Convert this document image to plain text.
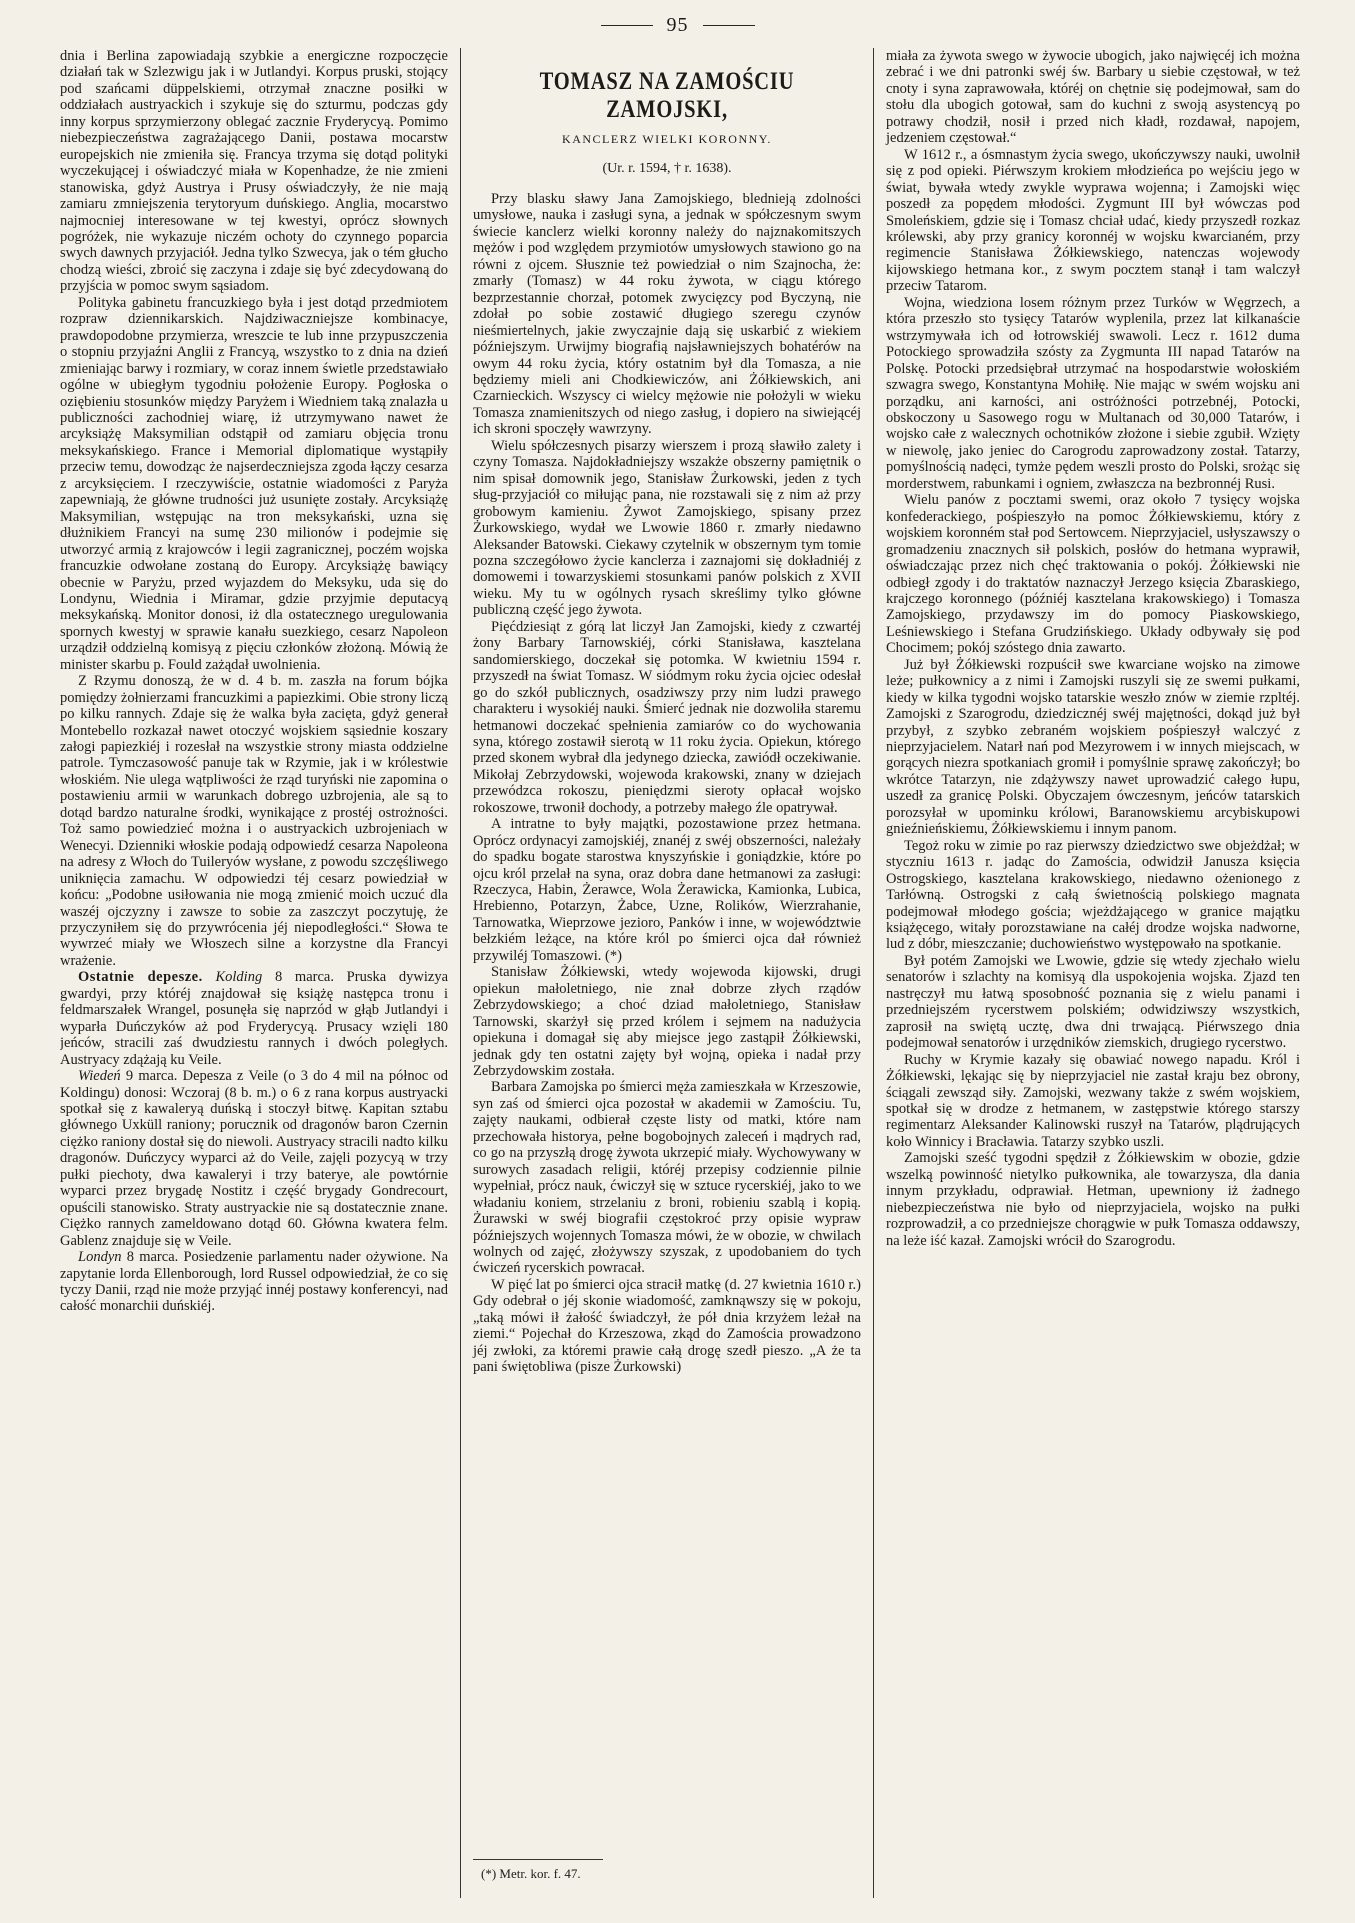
95

dnia i Berlina zapowiadają szybkie a energiczne rozpoczęcie działań tak w Szlezwigu jak i w Jutlandyi. Korpus pruski, stojący pod szańcami düppelskiemi, otrzymał znaczne posiłki w oddziałach austryackich i szykuje się do szturmu, podczas gdy inny korpus sprzymierzony oblegać zacznie Fryderycyą. Pomimo niebezpieczeństwa zagrażającego Danii, postawa mocarstw europejskich nie zmieniła się. Francya trzyma się dotąd polityki wyczekującej i oświadczyć miała w Kopenhadze, że nie zmieni stanowiska, gdyż Austrya i Prusy oświadczyły, że nie mają zamiaru zmniejszenia terytoryum duńskiego. Anglia, mocarstwo najmocniej interesowane w tej kwestyi, oprócz słownych pogróżek, nie wykazuje niczém ochoty do czynnego poparcia swych dawnych przyjaciół. Jedna tylko Szwecya, jak o tém głucho chodzą wieści, zbroić się zaczyna i zdaje się być zdecydowaną do przyjścia w pomoc swym sąsiadom.

Polityka gabinetu francuzkiego była i jest dotąd przedmiotem rozpraw dziennikarskich. Najdziwaczniejsze kombinacye, prawdopodobne przymierza, wreszcie te lub inne przypuszczenia o stopniu przyjaźni Anglii z Francyą, wszystko to z dnia na dzień zmieniając barwy i rozmiary, w coraz innem świetle przedstawiało ogólne w ubiegłym tygodniu położenie Europy. Pogłoska o oziębieniu stosunków między Paryżem i Wiedniem taką znalazła u publiczności zachodniej wiarę, iż utrzymywano nawet że arcyksiążę Maksymilian odstąpił od zamiaru objęcia tronu meksykańskiego. France i Memorial diplomatique wystąpiły przeciw temu, dowodząc że najserdeczniejsza zgoda łączy cesarza z arcyksięciem. I rzeczywiście, ostatnie wiadomości z Paryża zapewniają, że główne trudności już usunięte zostały. Arcyksiążę Maksymilian, wstępując na tron meksykański, uzna się dłużnikiem Francyi na sumę 230 milionów i podejmie się utworzyć armią z krajowców i legii zagranicznej, poczém wojska francuzkie odwołane zostaną do Europy. Arcyksiążę bawiący obecnie w Paryżu, przed wyjazdem do Meksyku, uda się do Londynu, Wiednia i Miramar, gdzie przyjmie deputacyą meksykańską. Monitor donosi, iż dla ostatecznego uregulowania spornych kwestyj w sprawie kanału suezkiego, cesarz Napoleon urządził oddzielną komisyą z pięciu członków złożoną. Mówią że minister skarbu p. Fould zażądał uwolnienia.

Z Rzymu donoszą, że w d. 4 b. m. zaszła na forum bójka pomiędzy żołnierzami francuzkimi a papiezkimi. Obie strony liczą po kilku rannych. Zdaje się że walka była zacięta, gdyż generał Montebello rozkazał nawet otoczyć wojskiem sąsiednie koszary załogi papiezkiéj i rozesłał na wszystkie strony miasta oddzielne patrole. Tymczasowość panuje tak w Rzymie, jak i w królestwie włoskiém. Nie ulega wątpliwości że rząd turyński nie zapomina o postawieniu armii w warunkach dobrego uzbrojenia, ale są to dotąd bardzo naturalne środki, wynikające z prostéj ostrożności. Toż samo powiedzieć można i o austryackich uzbrojeniach w Wenecyi. Dzienniki włoskie podają odpowiedź cesarza Napoleona na adresy z Włoch do Tuileryów wysłane, z powodu szczęśliwego uniknięcia zamachu. W odpowiedzi téj cesarz powiedział w końcu: „Podobne usiłowania nie mogą zmienić moich uczuć dla waszéj ojczyzny i zawsze to sobie za zaszczyt poczytuję, że przyczyniłem się do przywrócenia jéj niepodległości.“ Słowa te wywrzeć miały we Włoszech silne a korzystne dla Francyi wrażenie.

Ostatnie depesze. Kolding 8 marca. Pruska dywizya gwardyi, przy któréj znajdował się książę następca tronu i feldmarszałek Wrangel, posunęła się naprzód w głąb Jutlandyi i wyparła Duńczyków aż pod Fryderycyą. Prusacy wzięli 180 jeńców, stracili zaś dwudziestu rannych i dwóch poległych. Austryacy zdążają ku Veile.

Wiedeń 9 marca. Depesza z Veile (o 3 do 4 mil na północ od Koldingu) donosi: Wczoraj (8 b. m.) o 6 z rana korpus austryacki spotkał się z kawaleryą duńską i stoczył bitwę. Kapitan sztabu głównego Uxküll raniony; porucznik od dragonów baron Czernin ciężko raniony dostał się do niewoli. Austryacy stracili nadto kilku dragonów. Duńczycy wyparci aż do Veile, zajęli pozycyą w trzy pułki piechoty, dwa kawaleryi i trzy baterye, ale powtórnie wyparci przez brygadę Nostitz i część brygady Gondrecourt, opuścili stanowisko. Straty austryackie nie są dostatecznie znane. Ciężko rannych zameldowano dotąd 60. Główna kwatera felm. Gablenz znajduje się w Veile.

Londyn 8 marca. Posiedzenie parlamentu nader ożywione. Na zapytanie lorda Ellenborough, lord Russel odpowiedział, że co się tyczy Danii, rząd nie może przyjąć innéj postawy konferencyi, nad całość monarchii duńskiéj.

TOMASZ NA ZAMOŚCIU ZAMOJSKI,
KANCLERZ WIELKI KORONNY.
(Ur. r. 1594, † r. 1638).

Przy blasku sławy Jana Zamojskiego, blednieją zdolności umysłowe, nauka i zasługi syna, a jednak w spółczesnym swym świecie kanclerz wielki koronny należy do najznakomitszych mężów i pod względem przymiotów umysłowych stawiono go na równi z ojcem. Słusznie też powiedział o nim Szajnocha, że: zmarły (Tomasz) w 44 roku żywota, w ciągu którego bezprzestannie chorzał, potomek zwycięzcy pod Byczyną, nie zdołał po sobie zostawić długiego szeregu czynów nieśmiertelnych, jakie zwyczajnie dają się uskarbić z wiekiem późniejszym. Urwijmy biografią najsławniejszych bohatérów na owym 44 roku życia, który ostatnim był dla Tomasza, a nie będziemy mieli ani Chodkiewiczów, ani Żółkiewskich, ani Czarnieckich. Wszyscy ci wielcy mężowie nie położyli w wieku Tomasza znamienitszych od niego zasług, i dopiero na siwiejącéj ich skroni spoczęły wawrzyny.

Wielu spółczesnych pisarzy wierszem i prozą sławiło zalety i czyny Tomasza. Najdokładniejszy wszakże obszerny pamiętnik o nim spisał domownik jego, Stanisław Żurkowski, jeden z tych sług-przyjaciół co miłując pana, nie rozstawali się z nim aż przy grobowym kamieniu. Żywot Zamojskiego, spisany przez Żurkowskiego, wydał we Lwowie 1860 r. zmarły niedawno Aleksander Batowski. Ciekawy czytelnik w obszernym tym tomie pozna szczegółowo życie kanclerza i zaznajomi się dokładniéj z domowemi i towarzyskiemi stosunkami panów polskich z XVII wieku. My tu w ogólnych rysach skreślimy tylko główne publiczną część jego żywota.

Pięćdziesiąt z górą lat liczył Jan Zamojski, kiedy z czwartéj żony Barbary Tarnowskiéj, córki Stanisława, kasztelana sandomierskiego, doczekał się potomka. W kwietniu 1594 r. przyszedł na świat Tomasz. W siódmym roku życia ojciec odesłał go do szkół publicznych, osadziwszy przy nim ludzi prawego charakteru i wysokiéj nauki. Śmierć jednak nie dozwoliła staremu hetmanowi doczekać spełnienia zamiarów co do wychowania syna, którego zostawił sierotą w 11 roku życia. Opiekun, którego przed skonem wybrał dla jedynego dziecka, zawiódł oczekiwanie. Mikołaj Zebrzydowski, wojewoda krakowski, znany w dziejach przewódzca rokoszu, pieniędzmi sieroty opłacał wojsko rokoszowe, trwonił dochody, a potrzeby małego źle opatrywał.

A intratne to były majątki, pozostawione przez hetmana. Oprócz ordynacyi zamojskiéj, znanéj z swéj obszerności, należały do spadku bogate starostwa knyszyńskie i goniądzkie, które po ojcu król przelał na syna, oraz dobra dane hetmanowi za zasługi: Rzeczyca, Habin, Żerawce, Wola Żerawicka, Kamionka, Lubica, Hrebienno, Potarzyn, Żabce, Uzne, Rolików, Wierzrahanie, Tarnowatka, Wieprzowe jezioro, Panków i inne, w województwie bełzkiém leżące, na które król po śmierci ojca dał również przywiléj Tomaszowi. (*)

Stanisław Żółkiewski, wtedy wojewoda kijowski, drugi opiekun małoletniego, nie znał dobrze złych rządów Zebrzydowskiego; a choć dziad małoletniego, Stanisław Tarnowski, skarżył się przed królem i sejmem na nadużycia opiekuna i domagał się aby miejsce jego zastąpił Żółkiewski, jednak gdy ten ostatni zajęty był wojną, opieka i nadał przy Zebrzydowskim została.

Barbara Zamojska po śmierci męża zamieszkała w Krzeszowie, syn zaś od śmierci ojca pozostał w akademii w Zamościu. Tu, zajęty naukami, odbierał częste listy od matki, które nam przechowała historya, pełne bogobojnych zaleceń i mądrych rad, co go na przyszłą drogę żywota ukrzepić miały. Wychowywany w surowych zasadach religii, któréj przepisy codziennie pilnie wypełniał, prócz nauk, ćwiczył się w sztuce rycerskiéj, jako to we władaniu koniem, strzelaniu z broni, robieniu szablą i kopią. Żurawski w swéj biografii częstokroć przy opisie wypraw późniejszych wojennych Tomasza mówi, że w obozie, w chwilach wolnych od zajęć, złożywszy szyszak, z upodobaniem do tych ćwiczeń rycerskich powracał.

W pięć lat po śmierci ojca stracił matkę (d. 27 kwietnia 1610 r.) Gdy odebrał o jéj skonie wiadomość, zamknąwszy się w pokoju, „taką mówi ił żałość świadczył, że pół dnia krzyżem leżał na ziemi.“ Pojechał do Krzeszowa, zkąd do Zamościa prowadzono jéj zwłoki, za któremi prawie całą drogę szedł pieszo. „A że ta pani świętobliwa (pisze Żurkowski)

(*) Metr. kor. f. 47.

miała za żywota swego w żywocie ubogich, jako najwięcéj ich można zebrać i we dni patronki swéj św. Barbary u siebie częstował, w też cnoty i syna zaprawowała, któréj on chętnie się podejmował, sam do stołu dla ubogich gotował, sam do kuchni z swoją asystencyą po potrawy chodził, nosił i przed nich kładł, rozdawał, napojem, jedzeniem częstował.“

W 1612 r., a ósmnastym życia swego, ukończywszy nauki, uwolnił się z pod opieki. Piérwszym krokiem młodzieńca po wejściu jego w świat, bywała wtedy zwykle wyprawa wojenna; i Zamojski więc poszedł za popędem młodości. Zygmunt III był wówczas pod Smoleńskiem, gdzie się i Tomasz chciał udać, kiedy przyszedł rozkaz królewski, aby przy granicy koronnéj w wojsku kwarcianém, przy regimencie Stanisława Żółkiewskiego, natenczas wojewody kijowskiego hetmana kor., z swym pocztem stanął i tam walczył przeciw Tatarom.

Wojna, wiedziona losem różnym przez Turków w Węgrzech, a która przeszło sto tysięcy Tatarów wyplenila, przez lat kilkanaście wstrzymywała ich od łotrowskiéj swawoli. Lecz r. 1612 duma Potockiego sprowadziła szósty za Zygmunta III napad Tatarów na Polskę. Potocki przedsiębrał utrzymać na hospodarstwie wołoskiém szwagra swego, Konstantyna Mohiłę. Nie mając w swém wojsku ani porządku, ani karności, ani ostróżności potrzebnéj, Potocki, obskoczony u Sasowego rogu w Multanach od 30,000 Tatarów, i wojsko całe z walecznych ochotników złożone i siebie zgubił. Wzięty w niewolę, jako jeniec do Carogrodu zaprowadzony został. Tatarzy, pomyślnością nadęci, tymże pędem weszli prosto do Polski, srożąc się morderstwem, rabunkami i ogniem, zwłaszcza na bezbronnéj Rusi.

Wielu panów z pocztami swemi, oraz około 7 tysięcy wojska konfederackiego, pośpieszyło na pomoc Żółkiewskiemu, który z wojskiem koronném stał pod Sertowcem. Nieprzyjaciel, usłyszawszy o gromadzeniu znacznych sił polskich, posłów do hetmana wyprawił, oświadczając przez nich chęć traktowania o pokój. Żółkiewski nie odbiegł zgody i do traktatów naznaczył Jerzego księcia Zbaraskiego, krajczego koronnego (późniéj kasztelana krakowskiego) i Tomasza Zamojskiego, przydawszy im do pomocy Piaskowskiego, Leśniewskiego i Stefana Grudzińskiego. Układy odbywały się pod Chocimem; pokój szóstego dnia zawarto.

Już był Żółkiewski rozpuścił swe kwarciane wojsko na zimowe leże; pułkownicy a z nimi i Zamojski ruszyli się ze swemi pułkami, kiedy w kilka tygodni wojsko tatarskie weszło znów w ziemie rzpltéj. Zamojski z Szarogrodu, dziedzicznéj swéj majętności, dokąd już był przybył, z szybko zebraném wojskiem pośpieszył walczyć z nieprzyjacielem. Natarł nań pod Mezyrowem i w innych miejscach, w gorących niezra spotkaniach gromił i pomyślnie sprawę zakończył; bo wkrótce Tatarzyn, nie zdążywszy nawet uprowadzić całego łupu, uszedł za granicę Polski. Obyczajem ówczesnym, jeńców tatarskich porozsyłał w upominku królowi, Baranowskiemu arcybiskupowi gnieźnieńskiemu, Żółkiewskiemu i innym panom.

Tegoż roku w zimie po raz pierwszy dziedzictwo swe objeżdżał; w styczniu 1613 r. jadąc do Zamościa, odwidził Janusza księcia Ostrogskiego, kasztelana krakowskiego, niedawno ożenionego z Tarłówną. Ostrogski z całą świetnością polskiego magnata podejmował młodego gościa; wjeżdżającego w granice majątku książęcego, witały porozstawiane na całéj drodze wojska nadworne, lud z dóbr, mieszczanie; duchowieństwo występowało na spotkanie.

Był potém Zamojski we Lwowie, gdzie się wtedy zjechało wielu senatorów i szlachty na komisyą dla uspokojenia wojska. Zjazd ten nastręczył mu łatwą sposobność poznania się z wielu panami i przedniejszém rycerstwem polskiém; odwidziwszy wszystkich, zaprosił na swiętą ucztę, dwa dni trwającą. Piérwszego dnia podejmował senatorów i urzędników ziemskich, drugiego rycerstwo.

Ruchy w Krymie kazały się obawiać nowego napadu. Król i Żółkiewski, lękając się by nieprzyjaciel nie zastał kraju bez obrony, ściągali zewsząd siły. Zamojski, wezwany także z swém wojskiem, spotkał się w drodze z hetmanem, w zastępstwie którego starszy regimentarz Aleksander Kalinowski ruszył na Tatarów, plądrujących koło Winnicy i Bracławia. Tatarzy szybko uszli.

Zamojski sześć tygodni spędził z Żółkiewskim w obozie, gdzie wszelką powinność nietylko pułkownika, ale towarzysza, dla dania innym przykładu, odprawiał. Hetman, upewniony iż żadnego niebezpieczeństwa nie było od nieprzyjaciela, wojsko na pułki rozprowadził, a co przedniejsze chorągwie w pułk Tomasza oddawszy, na leże iść kazał. Zamojski wrócił do Szarogrodu.
